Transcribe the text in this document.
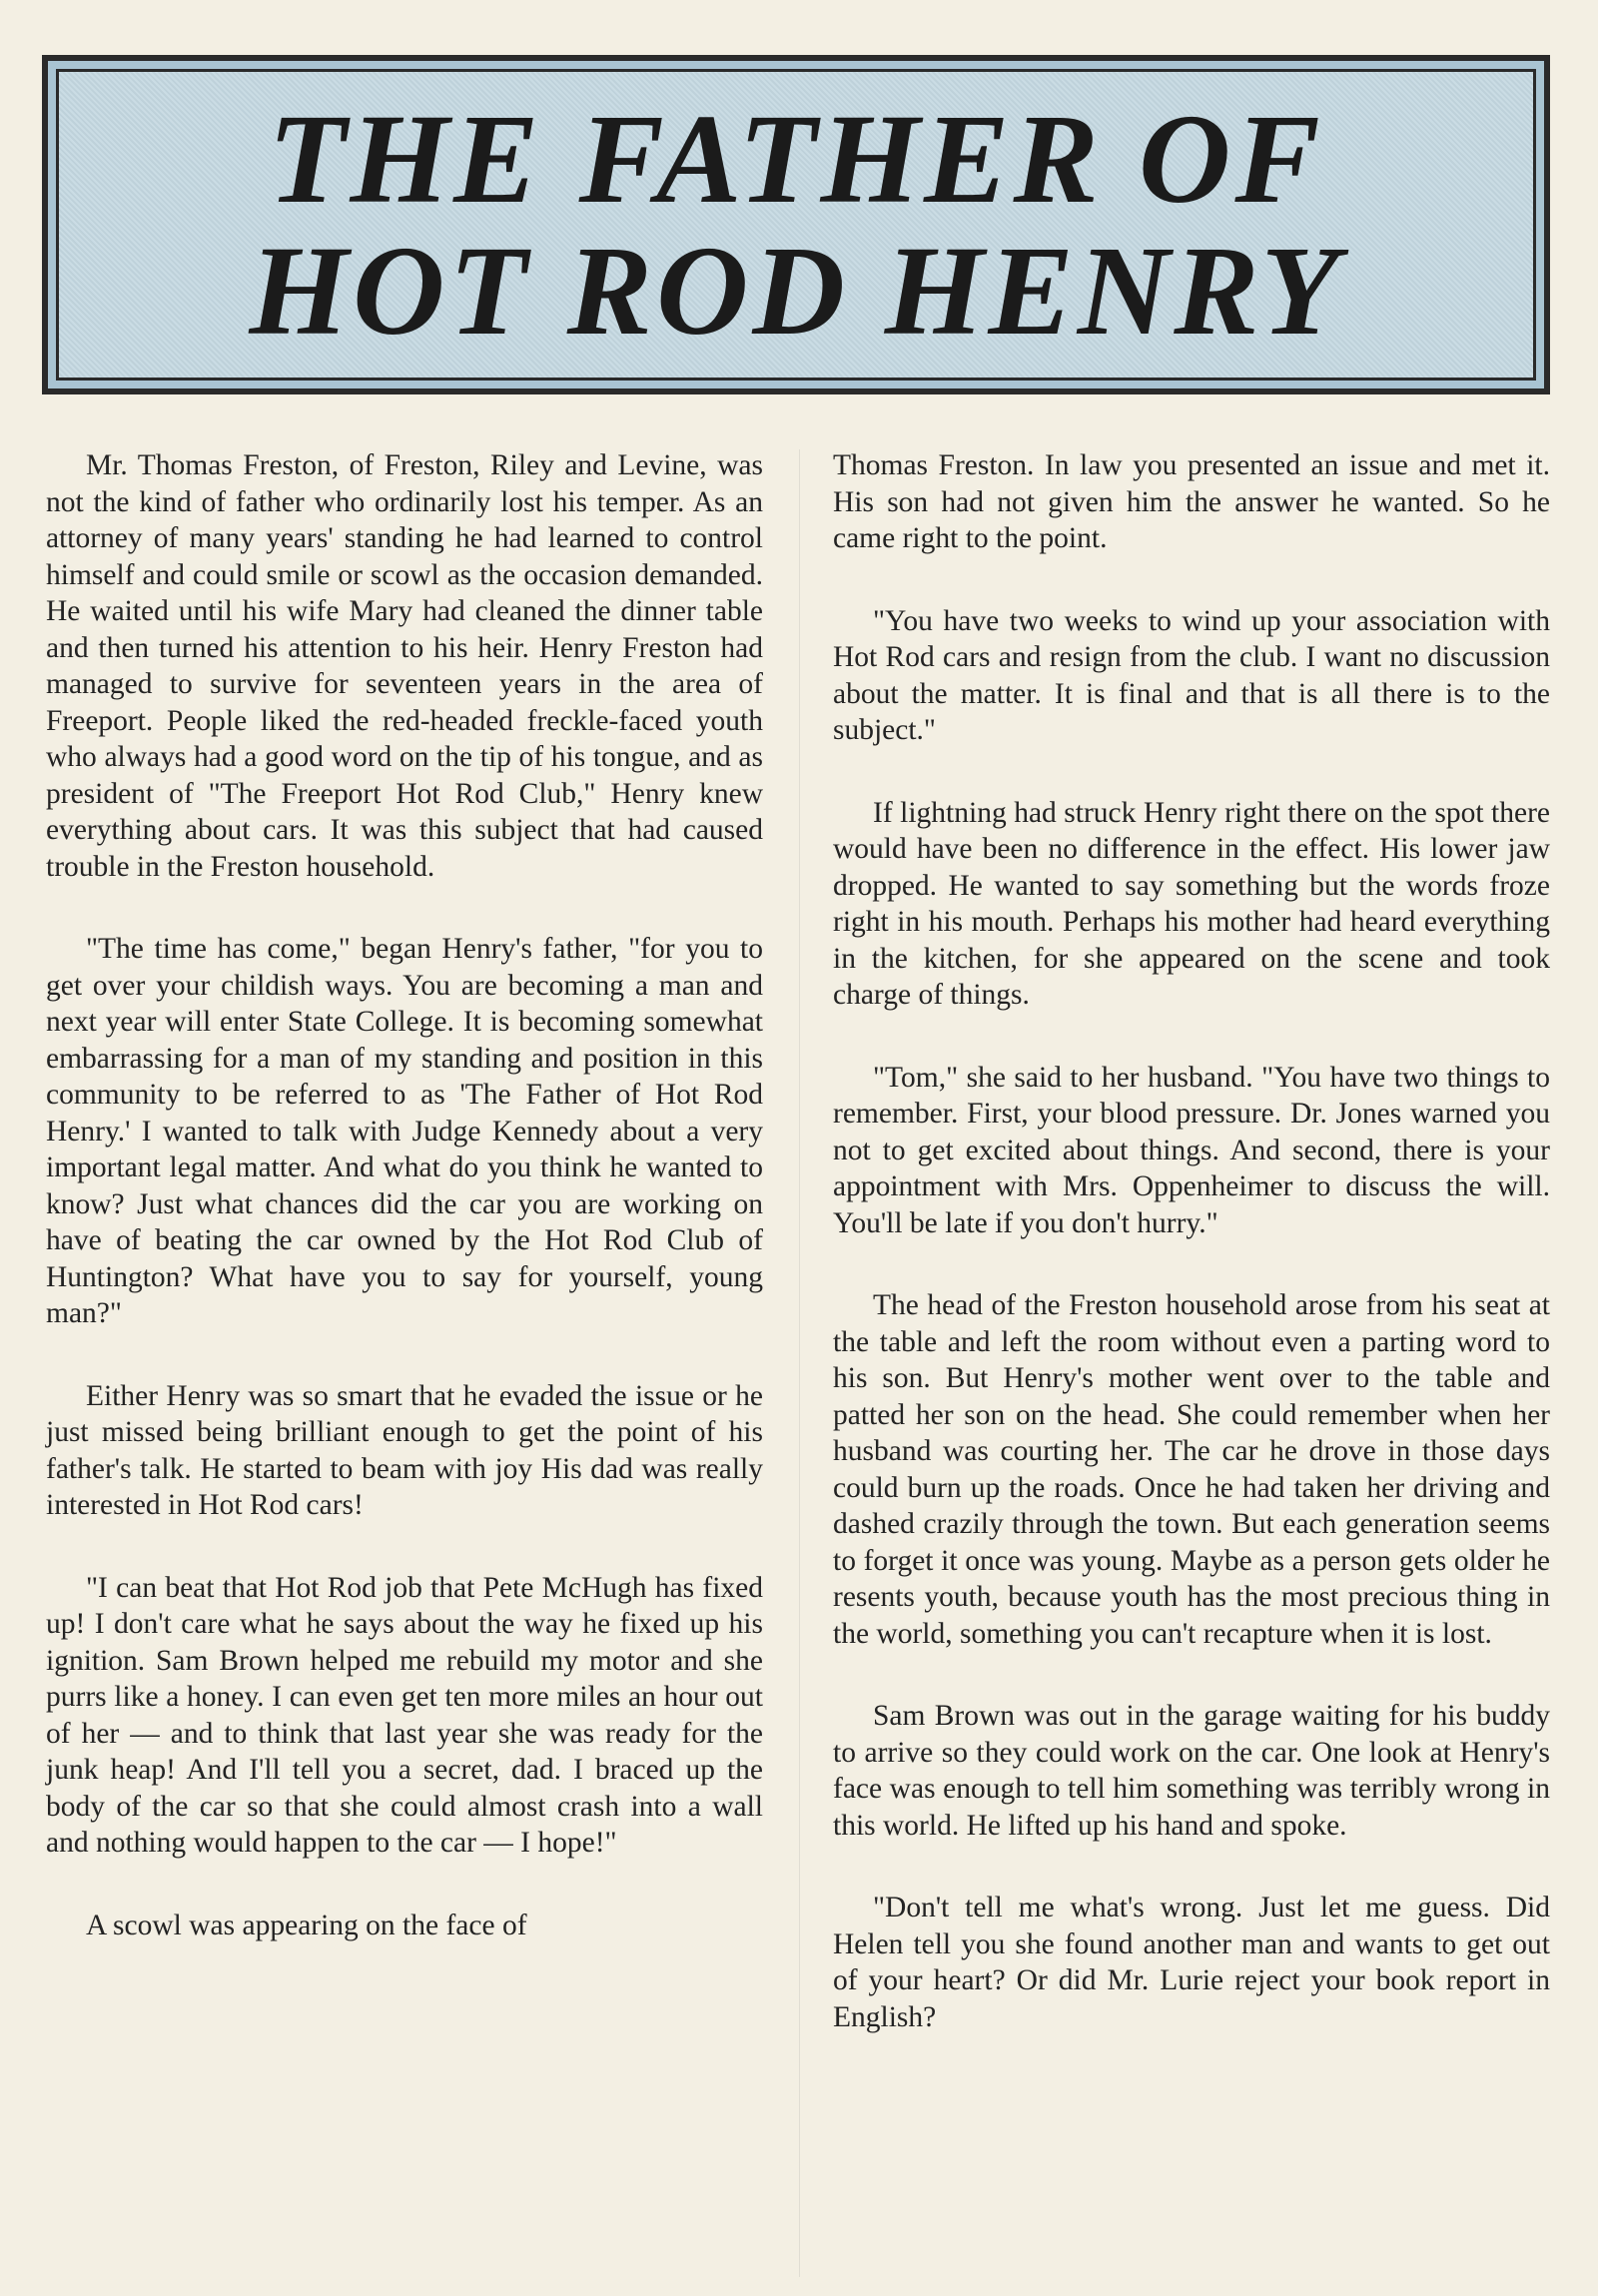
THE FATHER OF
HOT ROD HENRY

Mr. Thomas Freston, of Freston, Riley and Levine, was not the kind of father who ordinarily lost his temper. As an attorney of many years' standing he had learned to control himself and could smile or scowl as the occasion demanded. He waited until his wife Mary had cleaned the dinner table and then turned his attention to his heir. Henry Freston had managed to survive for seventeen years in the area of Freeport. People liked the red-headed freckle-faced youth who always had a good word on the tip of his tongue, and as president of "The Freeport Hot Rod Club," Henry knew everything about cars. It was this subject that had caused trouble in the Freston household.

"The time has come," began Henry's father, "for you to get over your childish ways. You are becoming a man and next year will enter State College. It is becoming somewhat embarrassing for a man of my standing and position in this community to be referred to as 'The Father of Hot Rod Henry.' I wanted to talk with Judge Kennedy about a very important legal matter. And what do you think he wanted to know? Just what chances did the car you are working on have of beating the car owned by the Hot Rod Club of Huntington? What have you to say for yourself, young man?"

Either Henry was so smart that he evaded the issue or he just missed being brilliant enough to get the point of his father's talk. He started to beam with joy His dad was really interested in Hot Rod cars!

"I can beat that Hot Rod job that Pete McHugh has fixed up! I don't care what he says about the way he fixed up his ignition. Sam Brown helped me rebuild my motor and she purrs like a honey. I can even get ten more miles an hour out of her — and to think that last year she was ready for the junk heap! And I'll tell you a secret, dad. I braced up the body of the car so that she could almost crash into a wall and nothing would happen to the car — I hope!"

A scowl was appearing on the face of

Thomas Freston. In law you presented an issue and met it. His son had not given him the answer he wanted. So he came right to the point.

"You have two weeks to wind up your association with Hot Rod cars and resign from the club. I want no discussion about the matter. It is final and that is all there is to the subject."

If lightning had struck Henry right there on the spot there would have been no difference in the effect. His lower jaw dropped. He wanted to say something but the words froze right in his mouth. Perhaps his mother had heard everything in the kitchen, for she appeared on the scene and took charge of things.

"Tom," she said to her husband. "You have two things to remember. First, your blood pressure. Dr. Jones warned you not to get excited about things. And second, there is your appointment with Mrs. Oppenheimer to discuss the will. You'll be late if you don't hurry."

The head of the Freston household arose from his seat at the table and left the room without even a parting word to his son. But Henry's mother went over to the table and patted her son on the head. She could remember when her husband was courting her. The car he drove in those days could burn up the roads. Once he had taken her driving and dashed crazily through the town. But each generation seems to forget it once was young. Maybe as a person gets older he resents youth, because youth has the most precious thing in the world, something you can't recapture when it is lost.

Sam Brown was out in the garage waiting for his buddy to arrive so they could work on the car. One look at Henry's face was enough to tell him something was terribly wrong in this world. He lifted up his hand and spoke.

"Don't tell me what's wrong. Just let me guess. Did Helen tell you she found another man and wants to get out of your heart? Or did Mr. Lurie reject your book report in English?
